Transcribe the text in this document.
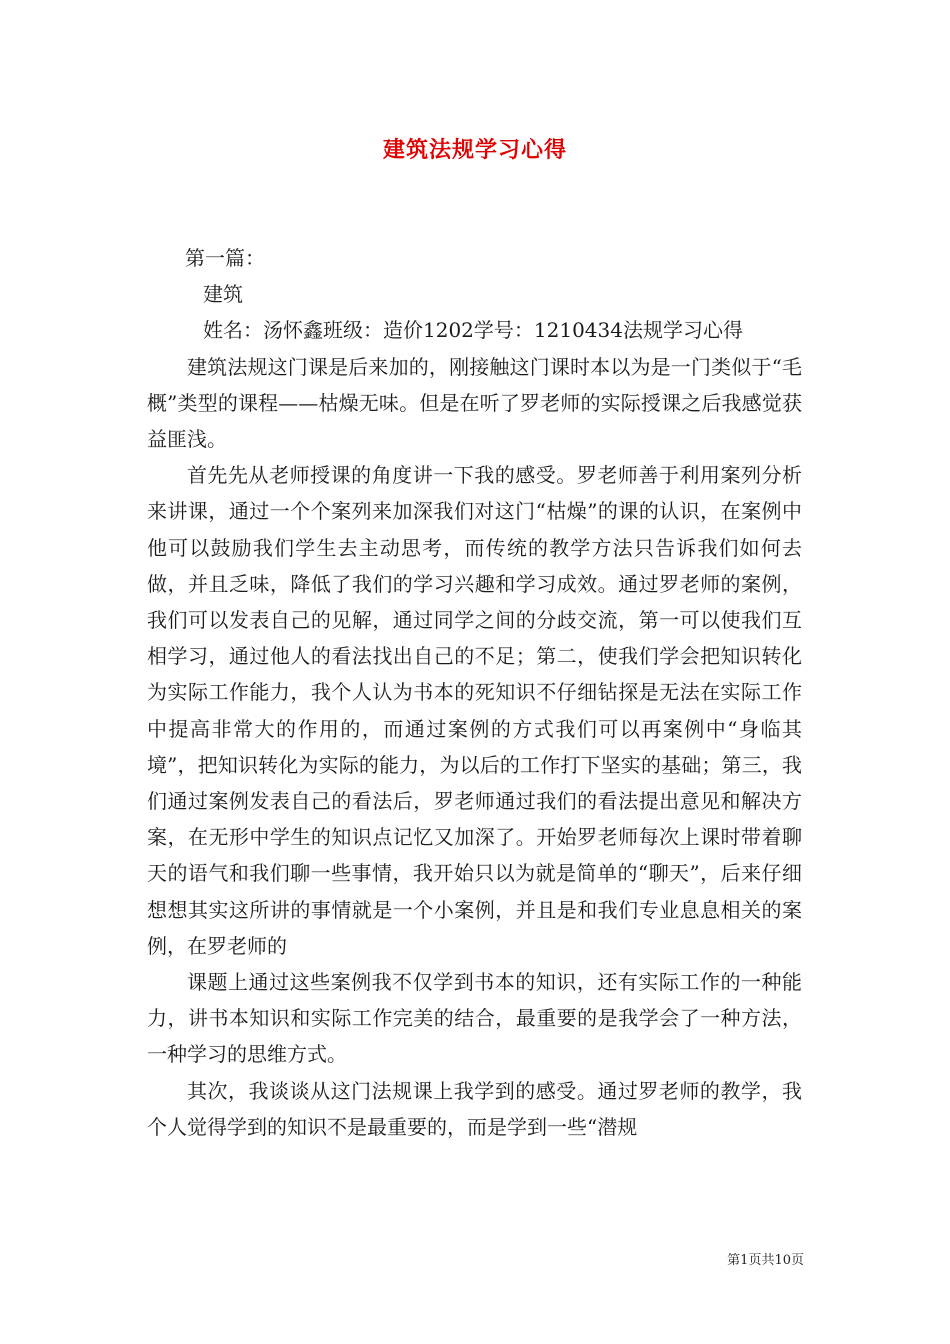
建筑法规学习心得

第一篇：

建筑

姓名：汤怀鑫班级：造价1202学号：1210434法规学习心得

建筑法规这门课是后来加的，刚接触这门课时本以为是一门类似于“毛概”类型的课程——枯燥无味。但是在听了罗老师的实际授课之后我感觉获益匪浅。

首先先从老师授课的角度讲一下我的感受。罗老师善于利用案列分析来讲课，通过一个个案列来加深我们对这门“枯燥”的课的认识，在案例中他可以鼓励我们学生去主动思考，而传统的教学方法只告诉我们如何去做，并且乏味，降低了我们的学习兴趣和学习成效。通过罗老师的案例，我们可以发表自己的见解，通过同学之间的分歧交流，第一可以使我们互相学习，通过他人的看法找出自己的不足；第二，使我们学会把知识转化为实际工作能力，我个人认为书本的死知识不仔细钻探是无法在实际工作中提高非常大的作用的，而通过案例的方式我们可以再案例中“身临其境”，把知识转化为实际的能力，为以后的工作打下坚实的基础；第三，我们通过案例发表自己的看法后，罗老师通过我们的看法提出意见和解决方案，在无形中学生的知识点记忆又加深了。开始罗老师每次上课时带着聊天的语气和我们聊一些事情，我开始只以为就是简单的“聊天”，后来仔细想想其实这所讲的事情就是一个小案例，并且是和我们专业息息相关的案例，在罗老师的

课题上通过这些案例我不仅学到书本的知识，还有实际工作的一种能力，讲书本知识和实际工作完美的结合，最重要的是我学会了一种方法，一种学习的思维方式。

其次，我谈谈从这门法规课上我学到的感受。通过罗老师的教学，我个人觉得学到的知识不是最重要的，而是学到一些“潜规

第1页共10页
